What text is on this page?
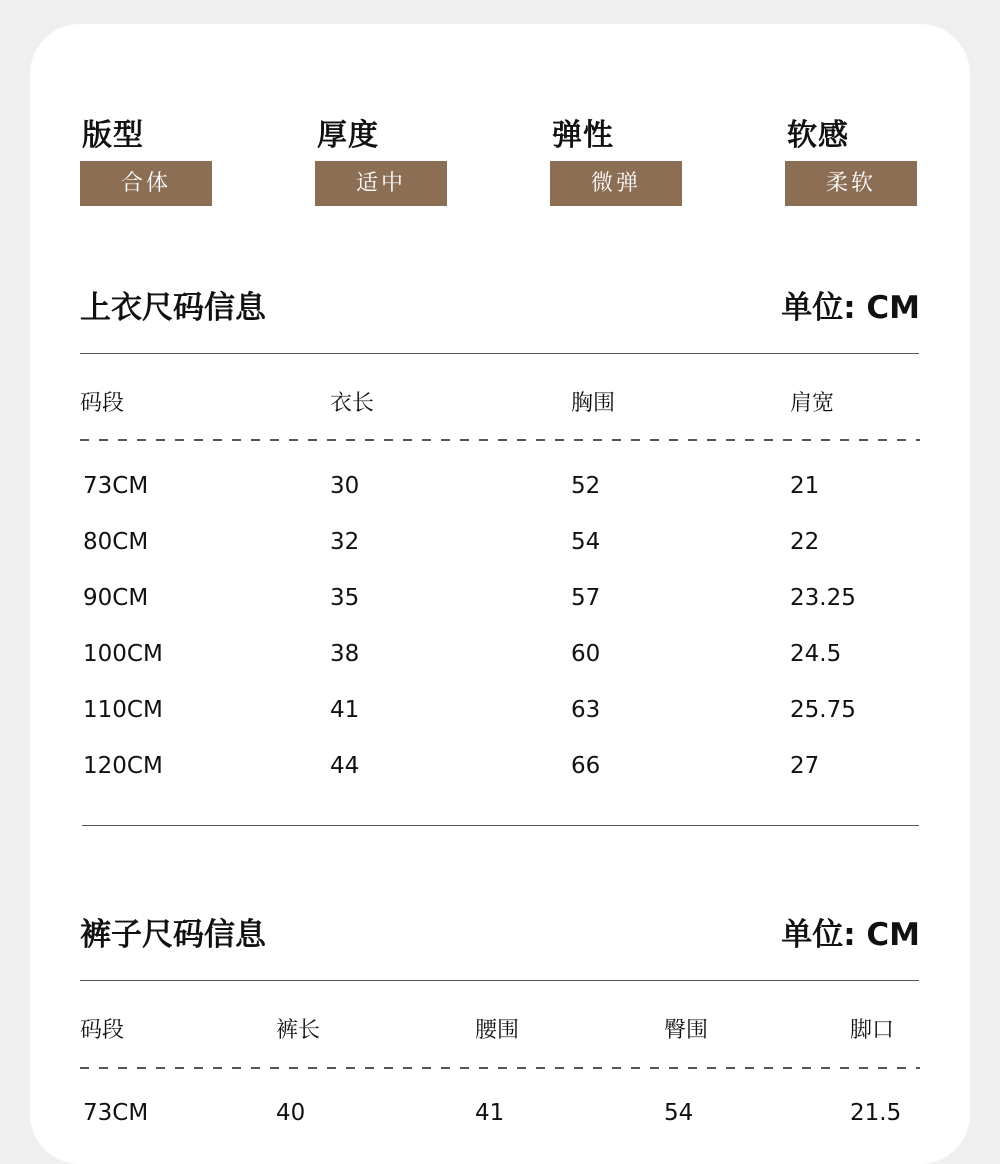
版型
合体
厚度
适中
弹性
微弹
软感
柔软
上衣尺码信息	单位: CM
码段	衣长	胸围	肩宽
73CM	30	52	21
80CM	32	54	22
90CM	35	57	23.25
100CM	38	60	24.5
110CM	41	63	25.75
120CM	44	66	27
裤子尺码信息	单位: CM
码段	裤长	腰围	臀围	脚口
73CM	40	41	54	21.5
